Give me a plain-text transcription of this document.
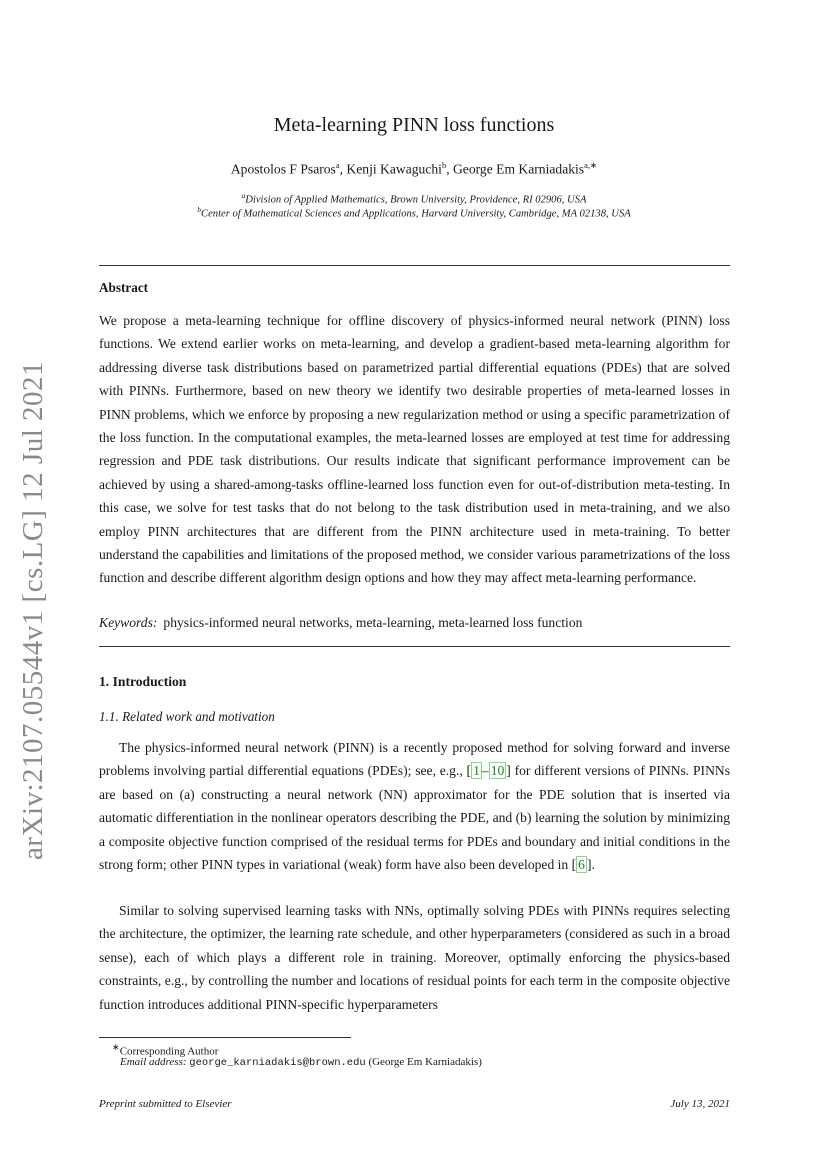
arXiv:2107.05544v1 [cs.LG] 12 Jul 2021
Meta-learning PINN loss functions
Apostolos F Psaros$^a$, Kenji Kawaguchi$^b$, George Em Karniadakis$^{a,∗}$
$^a$Division of Applied Mathematics, Brown University, Providence, RI 02906, USA
$^b$Center of Mathematical Sciences and Applications, Harvard University, Cambridge, MA 02138, USA
Abstract
We propose a meta-learning technique for offline discovery of physics-informed neural network (PINN) loss functions. We extend earlier works on meta-learning, and develop a gradient-based meta-learning algorithm for addressing diverse task distributions based on parametrized partial differential equations (PDEs) that are solved with PINNs. Furthermore, based on new theory we identify two desirable properties of meta-learned losses in PINN problems, which we enforce by proposing a new regularization method or using a specific parametrization of the loss function. In the computational examples, the meta-learned losses are employed at test time for addressing regression and PDE task distributions. Our results indicate that significant performance improvement can be achieved by using a shared-among-tasks offline-learned loss function even for out-of-distribution meta-testing. In this case, we solve for test tasks that do not belong to the task distribution used in meta-training, and we also employ PINN architectures that are different from the PINN architecture used in meta-training. To better understand the capabilities and limitations of the proposed method, we consider various parametrizations of the loss function and describe different algorithm design options and how they may affect meta-learning performance.
Keywords: physics-informed neural networks, meta-learning, meta-learned loss function
1. Introduction
1.1. Related work and motivation
The physics-informed neural network (PINN) is a recently proposed method for solving forward and inverse problems involving partial differential equations (PDEs); see, e.g., [ 1 – 10 ] for different versions of PINNs. PINNs are based on (a) constructing a neural network (NN) approximator for the PDE solution that is inserted via automatic differentiation in the nonlinear operators describing the PDE, and (b) learning the solution by minimizing a composite objective function comprised of the residual terms for PDEs and boundary and initial conditions in the strong form; other PINN types in variational (weak) form have also been developed in [ 6 ].
Similar to solving supervised learning tasks with NNs, optimally solving PDEs with PINNs requires selecting the architecture, the optimizer, the learning rate schedule, and other hyperparameters (considered as such in a broad sense), each of which plays a different role in training. Moreover, optimally enforcing the physics-based constraints, e.g., by controlling the number and locations of residual points for each term in the composite objective function introduces additional PINN-specific hyperparameters
∗Corresponding Author
Email address: george_karniadakis@brown.edu (George Em Karniadakis)
Preprint submitted to Elsevier	July 13, 2021
